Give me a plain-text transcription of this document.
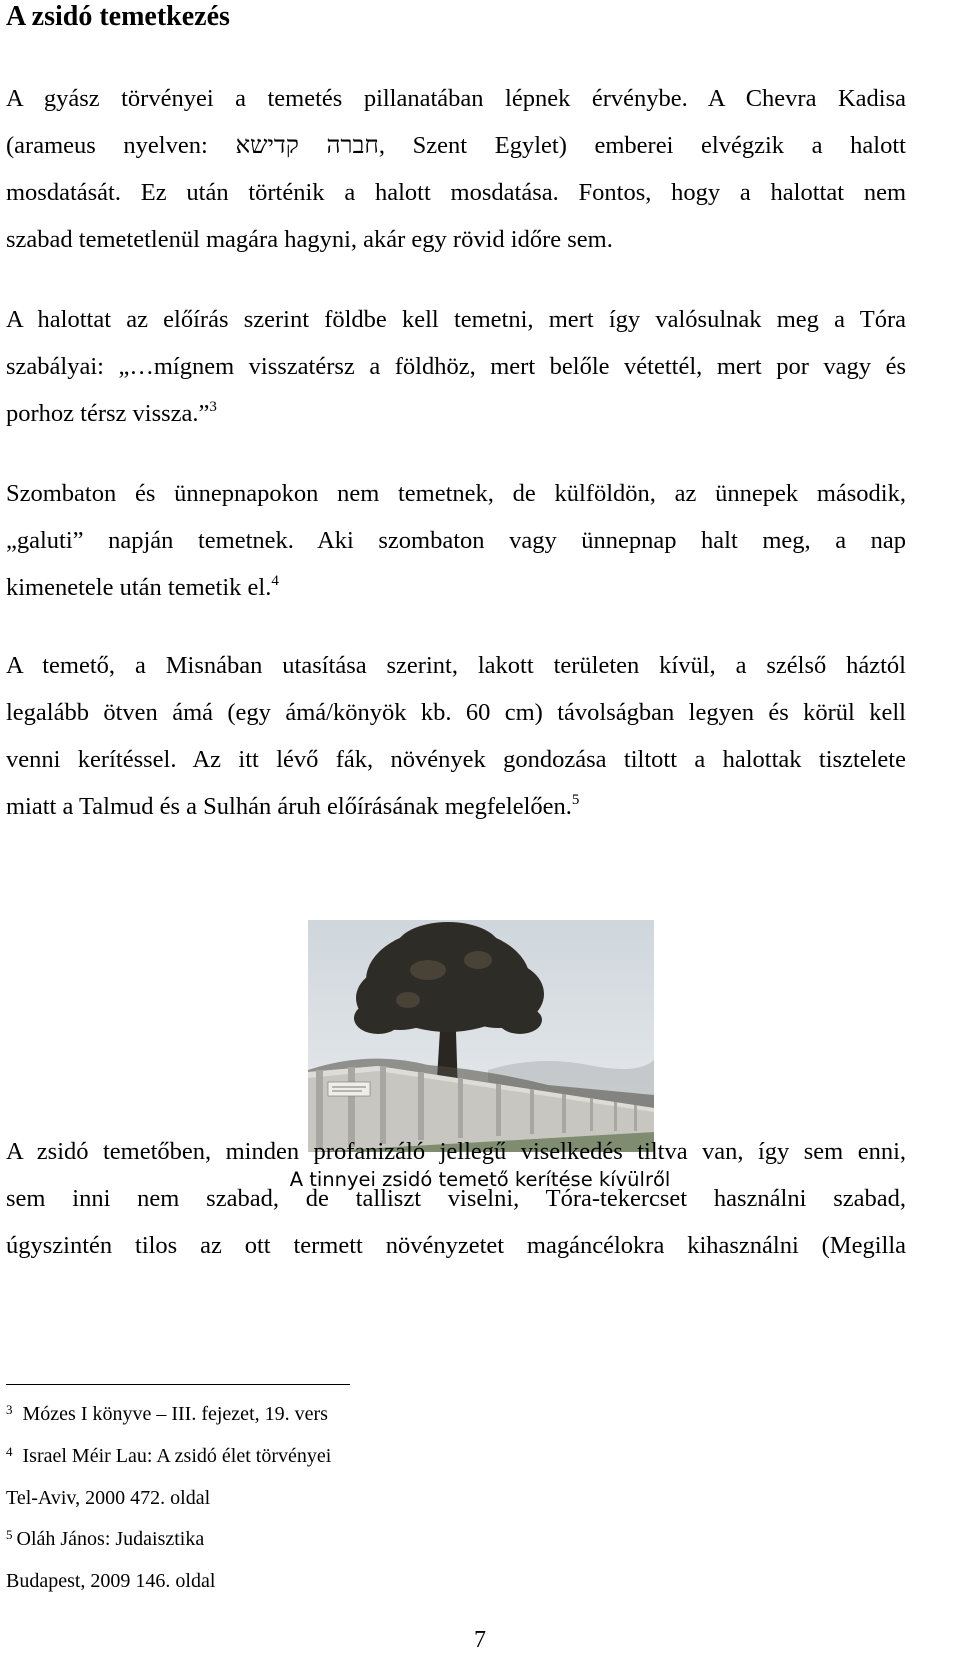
A zsidó temetkezés
A gyász törvényei a temetés pillanatában lépnek érvénybe. A Chevra Kadisa
(arameus nyelven: חברה קדישא, Szent Egylet) emberei elvégzik a halott
mosdatását. Ez után történik a halott mosdatása. Fontos, hogy a halottat nem
szabad temetetlenül magára hagyni, akár egy rövid időre sem.
A halottat az előírás szerint földbe kell temetni, mert így valósulnak meg a Tóra
szabályai: „…mígnem visszatérsz a földhöz, mert belőle vétettél, mert por vagy és
porhoz térsz vissza.”$^3$
Szombaton és ünnepnapokon nem temetnek, de külföldön, az ünnepek második,
„galuti” napján temetnek. Aki szombaton vagy ünnepnap halt meg, a nap
kimenetele után temetik el.$^4$
A temető, a Misnában utasítása szerint, lakott területen kívül, a szélső háztól
legalább ötven ámá (egy ámá/könyök kb. 60 cm) távolságban legyen és körül kell
venni kerítéssel. Az itt lévő fák, növények gondozása tiltott a halottak tisztelete
miatt a Talmud és a Sulhán áruh előírásának megfelelően.$^5$
A tinnyei zsidó temető kerítése kívülről
A zsidó temetőben, minden profanizáló jellegű viselkedés tiltva van, így sem enni,
sem inni nem szabad, de talliszt viselni, Tóra-tekercset használni szabad,
úgyszintén tilos az ott termett növényzetet magáncélokra kihasználni (Megilla

$^3$ Mózes I könyve – III. fejezet, 19. vers

$^4$ Israel Méir Lau: A zsidó élet törvényei

Tel-Aviv, 2000 472. oldal

$^5$ Oláh János: Judaisztika

Budapest, 2009 146. oldal

7
